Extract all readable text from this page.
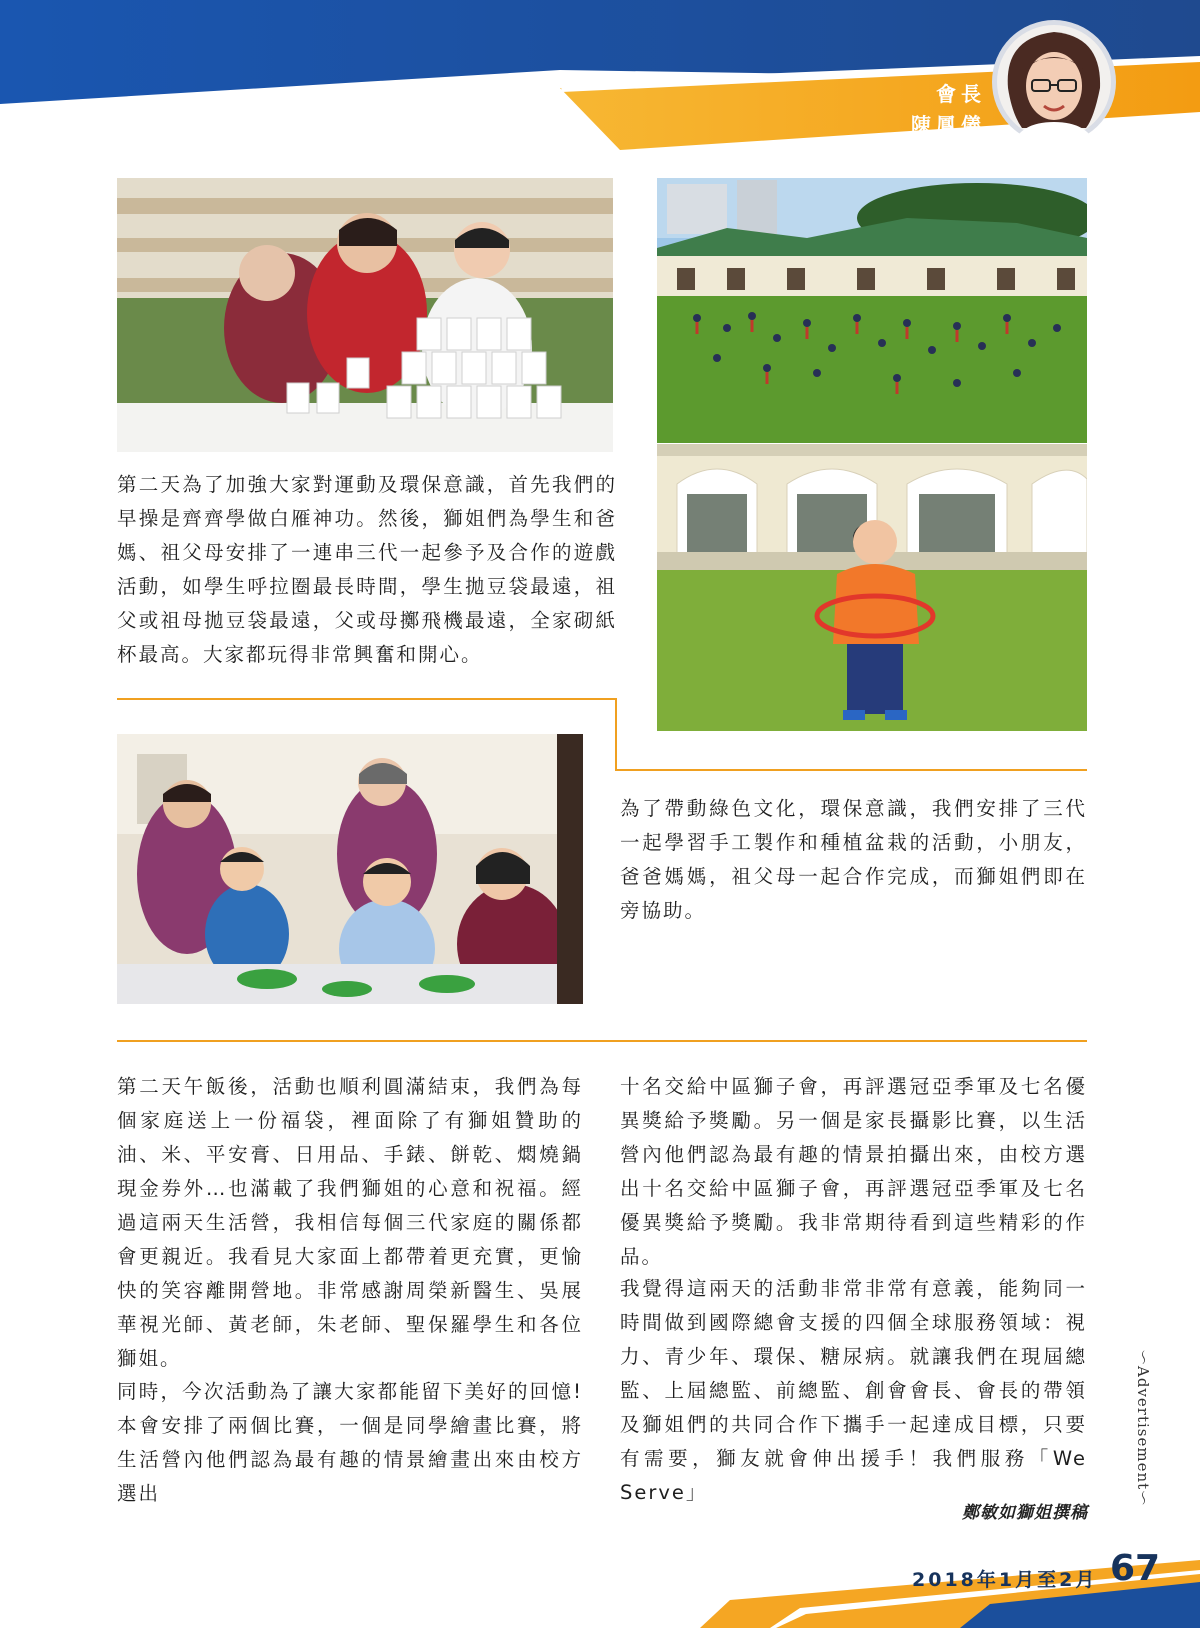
會長
陳鳳儀

第二天為了加強大家對運動及環保意識，首先我們的早操是齊齊學做白雁神功。然後，獅姐們為學生和爸媽、祖父母安排了一連串三代一起參予及合作的遊戲活動，如學生呼拉圈最長時間，學生拋豆袋最遠，祖父或祖母拋豆袋最遠，父或母擲飛機最遠，全家砌紙杯最高。大家都玩得非常興奮和開心。

為了帶動綠色文化，環保意識，我們安排了三代一起學習手工製作和種植盆栽的活動，小朋友，爸爸媽媽，祖父母一起合作完成，而獅姐們即在旁協助。

第二天午飯後，活動也順利圓滿結束，我們為每個家庭送上一份福袋，裡面除了有獅姐贊助的油、米、平安膏、日用品、手錶、餅乾、燜燒鍋現金券外…也滿載了我們獅姐的心意和祝福。經過這兩天生活營，我相信每個三代家庭的關係都會更親近。我看見大家面上都帶着更充實，更愉快的笑容離開營地。非常感謝周榮新醫生、吳展華視光師、黃老師，朱老師、聖保羅學生和各位獅姐。

同時，今次活動為了讓大家都能留下美好的回憶!本會安排了兩個比賽，一個是同學繪畫比賽，將生活營內他們認為最有趣的情景繪畫出來由校方選出

十名交給中區獅子會，再評選冠亞季軍及七名優異獎給予獎勵。另一個是家長攝影比賽，以生活營內他們認為最有趣的情景拍攝出來，由校方選出十名交給中區獅子會，再評選冠亞季軍及七名優異獎給予獎勵。我非常期待看到這些精彩的作品。

我覺得這兩天的活動非常非常有意義，能夠同一時間做到國際總會支援的四個全球服務領域：視力、青少年、環保、糖尿病。就讓我們在現屆總監、上屆總監、前總監、創會會長、會長的帶領及獅姐們的共同合作下攜手一起達成目標，只要有需要，獅友就會伸出援手！我們服務「We Serve」

鄭敏如獅姐撰稿
～Advertisement～
2018年1月至2月 67
